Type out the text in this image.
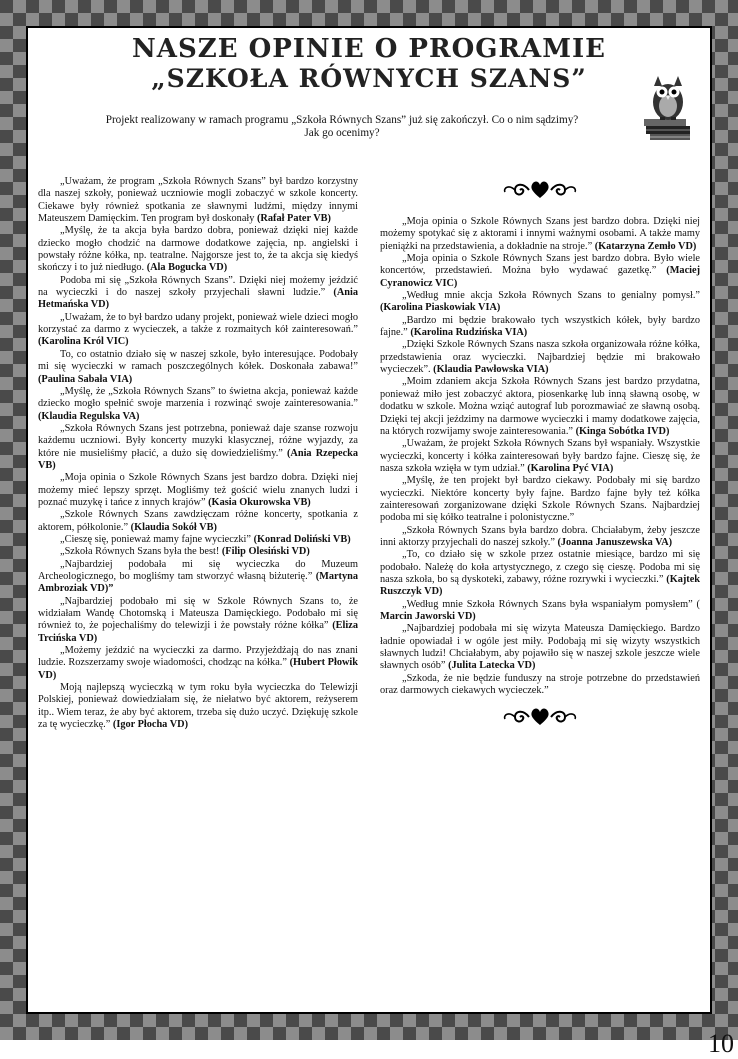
NASZE OPINIE O PROGRAMIE
„SZKOŁA RÓWNYCH SZANS”
Projekt realizowany w ramach programu „Szkoła Równych Szans” już się zakończył. Co o nim sądzimy?
Jak go ocenimy?

„Uważam, że program „Szkoła Równych Szans” był bardzo korzystny dla naszej szkoły, ponieważ uczniowie mogli zobaczyć w szkole koncerty. Ciekawe były również spotkania ze sławnymi ludźmi, między innymi Mateuszem Damięckim. Ten program był doskonały (Rafał Pater VB)

„Myślę, że ta akcja była bardzo dobra, ponieważ dzięki niej każde dziecko mogło chodzić na darmowe dodatkowe zajęcia, np. angielski i powstały różne kółka, np. teatralne. Najgorsze jest to, że ta akcja się kiedyś skończy i to już niedługo. (Ala Bogucka VD)

Podoba mi się „Szkoła Równych Szans”. Dzięki niej możemy jeździć na wycieczki i do naszej szkoły przyjechali sławni ludzie.” (Ania Hetmańska VD)

„Uważam, że to był bardzo udany projekt, ponieważ wiele dzieci mogło korzystać za darmo z wycieczek, a także z rozmaitych kół zainteresowań.” (Karolina Król VIC)

To, co ostatnio działo się w naszej szkole, było interesujące. Podobały mi się wycieczki w ramach poszczególnych kółek. Doskonała zabawa!” (Paulina Sabała VIA)

„Myślę, że „Szkoła Równych Szans” to świetna akcja, ponieważ każde dziecko mogło spełnić swoje marzenia i rozwinąć swoje zainteresowania.” (Klaudia Regulska VA)

„Szkoła Równych Szans jest potrzebna, ponieważ daje szanse rozwoju każdemu uczniowi. Były koncerty muzyki klasycznej, różne wyjazdy, za które nie musieliśmy płacić, a dużo się dowiedzieliśmy.” (Ania Rzepecka VB)

„Moja opinia o Szkole Równych Szans jest bardzo dobra. Dzięki niej możemy mieć lepszy sprzęt. Mogliśmy też gościć wielu znanych ludzi i poznać muzykę i tańce z innych krajów” (Kasia Okurowska VB)

„Szkole Równych Szans zawdzięczam różne koncerty, spotkania z aktorem, półkolonie.” (Klaudia Sokół VB)

„Cieszę się, ponieważ mamy fajne wycieczki” (Konrad Doliński VB)

„Szkoła Równych Szans była the best! (Filip Olesiński VD)

„Najbardziej podobała mi się wycieczka do Muzeum Archeologicznego, bo mogliśmy tam stworzyć własną biżuterię.” (Martyna Ambroziak VD)”

„Najbardziej podobało mi się w Szkole Równych Szans to, że widziałam Wandę Chotomską i Mateusza Damięckiego. Podobało mi się również to, że pojechaliśmy do telewizji i że powstały różne kółka” (Eliza Trcińska VD)

„Możemy jeździć na wycieczki za darmo. Przyjeżdżają do nas znani ludzie. Rozszerzamy swoje wiadomości, chodząc na kółka.” (Hubert Płowik VD)

Moją najlepszą wycieczką w tym roku była wycieczka do Telewizji Polskiej, ponieważ dowiedziałam się, że niełatwo być aktorem, reżyserem itp.. Wiem teraz, że aby być aktorem, trzeba się dużo uczyć. Dziękuję szkole za tę wycieczkę.” (Igor Płocha VD)

„Moja opinia o Szkole Równych Szans jest bardzo dobra. Dzięki niej możemy spotykać się z aktorami i innymi ważnymi osobami. A także mamy pieniążki na przedstawienia, a dokładnie na stroje.” (Katarzyna Zemło VD)

„Moja opinia o Szkole Równych Szans jest bardzo dobra. Było wiele koncertów, przedstawień. Można było wydawać gazetkę.” (Maciej Cyranowicz VIC)

„Według mnie akcja Szkoła Równych Szans to genialny pomysł.” (Karolina Piaskowiak VIA)

„Bardzo mi będzie brakowało tych wszystkich kółek, były bardzo fajne.” (Karolina Rudzińska VIA)

„Dzięki Szkole Równych Szans nasza szkoła organizowała różne kółka, przedstawienia oraz wycieczki. Najbardziej będzie mi brakowało wycieczek”. (Klaudia Pawłowska VIA)

„Moim zdaniem akcja Szkoła Równych Szans jest bardzo przydatna, ponieważ miło jest zobaczyć aktora, piosenkarkę lub inną sławną osobę, w dodatku w szkole. Można wziąć autograf lub porozmawiać ze sławną osobą. Dzięki tej akcji jeździmy na darmowe wycieczki i mamy dodatkowe zajęcia, na których rozwijamy swoje zainteresowania.” (Kinga Sobótka IVD)

„Uważam, że projekt Szkoła Równych Szans był wspaniały. Wszystkie wycieczki, koncerty i kółka zainteresowań były bardzo fajne. Cieszę się, że nasza szkoła wzięła w tym udział.” (Karolina Pyć VIA)

„Myślę, że ten projekt był bardzo ciekawy. Podobały mi się bardzo wycieczki. Niektóre koncerty były fajne. Bardzo fajne były też kółka zainteresowań zorganizowane dzięki Szkole Równych Szans. Najbardziej podoba mi się kółko teatralne i polonistyczne.”

„Szkoła Równych Szans była bardzo dobra. Chciałabym, żeby jeszcze inni aktorzy przyjechali do naszej szkoły.” (Joanna Januszewska VA)

„To, co działo się w szkole przez ostatnie miesiące, bardzo mi się podobało. Należę do koła artystycznego, z czego się cieszę. Podoba mi się nasza szkoła, bo są dyskoteki, zabawy, różne rozrywki i wycieczki.” (Kajtek Ruszczyk VD)

„Według mnie Szkoła Równych Szans była wspaniałym pomysłem” ( Marcin Jaworski VD)

„Najbardziej podobała mi się wizyta Mateusza Damięckiego. Bardzo ładnie opowiadał i w ogóle jest miły. Podobają mi się wizyty wszystkich sławnych ludzi! Chciałabym, aby pojawiło się w naszej szkole jeszcze wiele sławnych osób” (Julita Latecka VD)

„Szkoda, że nie będzie funduszy na stroje potrzebne do przedstawień oraz darmowych ciekawych wycieczek.”

10
